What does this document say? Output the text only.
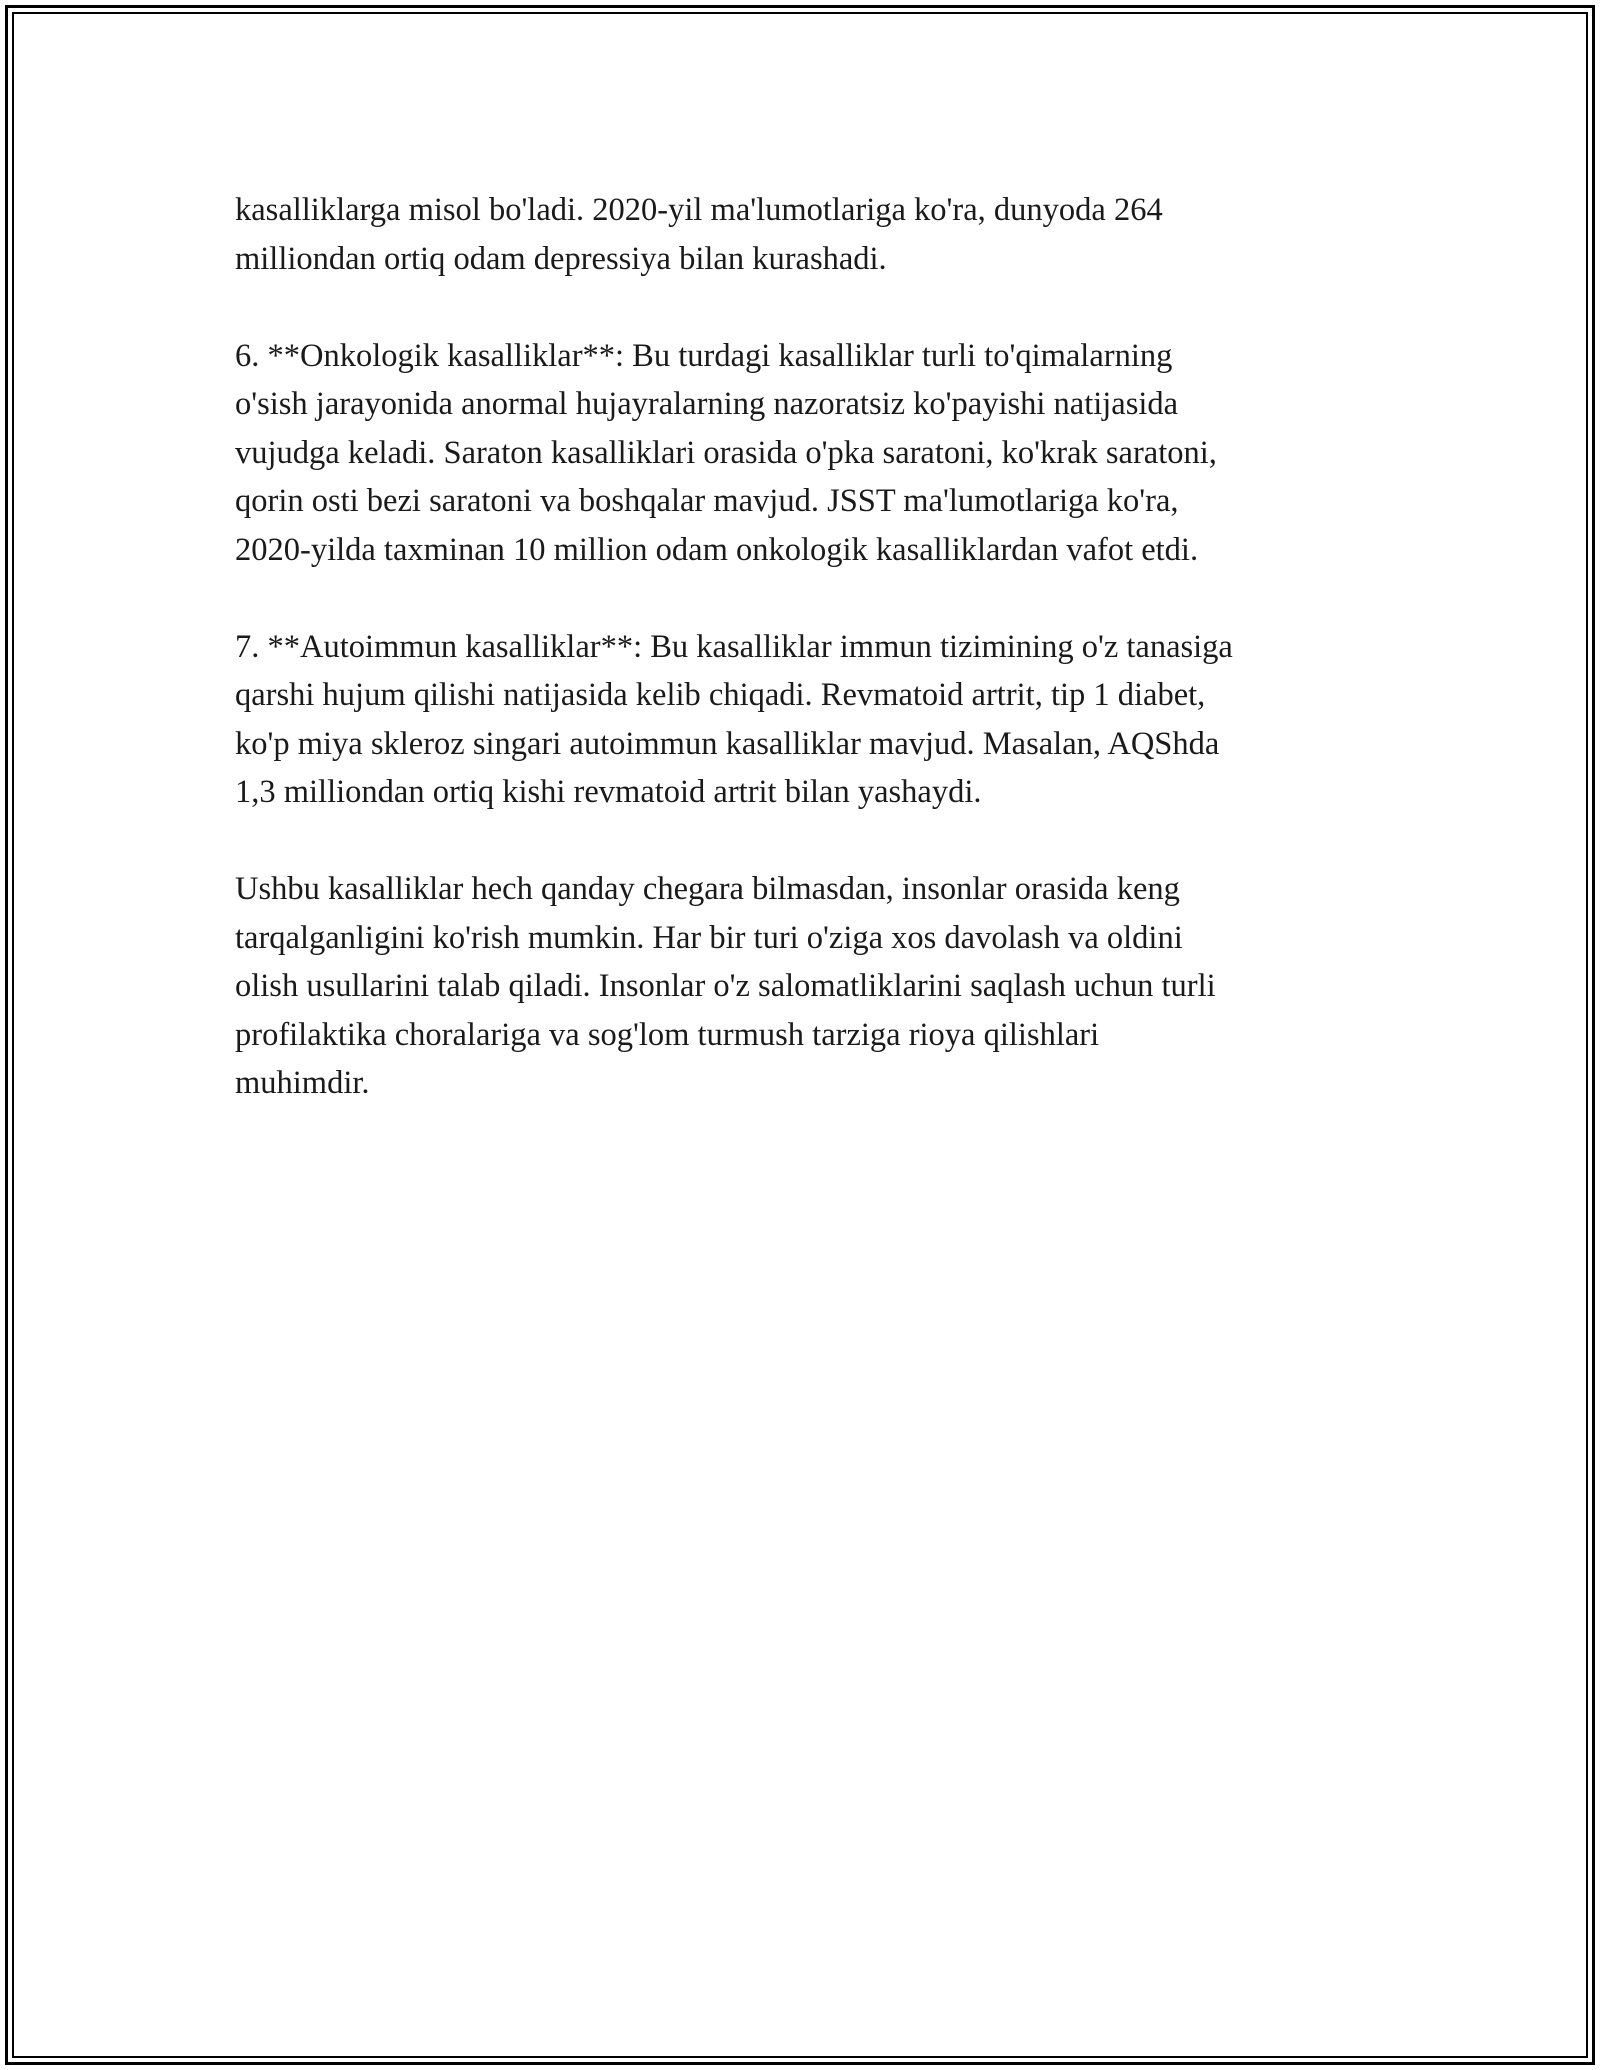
kasalliklarga misol bo'ladi. 2020-yil ma'lumotlariga ko'ra, dunyoda 264
milliondan ortiq odam depressiya bilan kurashadi.

6. **Onkologik kasalliklar**: Bu turdagi kasalliklar turli to'qimalarning
o'sish jarayonida anormal hujayralarning nazoratsiz ko'payishi natijasida
vujudga keladi. Saraton kasalliklari orasida o'pka saratoni, ko'krak saratoni,
qorin osti bezi saratoni va boshqalar mavjud. JSST ma'lumotlariga ko'ra,
2020-yilda taxminan 10 million odam onkologik kasalliklardan vafot etdi.

7. **Autoimmun kasalliklar**: Bu kasalliklar immun tizimining o'z tanasiga
qarshi hujum qilishi natijasida kelib chiqadi. Revmatoid artrit, tip 1 diabet,
ko'p miya skleroz singari autoimmun kasalliklar mavjud. Masalan, AQShda
1,3 milliondan ortiq kishi revmatoid artrit bilan yashaydi.

Ushbu kasalliklar hech qanday chegara bilmasdan, insonlar orasida keng
tarqalganligini ko'rish mumkin. Har bir turi o'ziga xos davolash va oldini
olish usullarini talab qiladi. Insonlar o'z salomatliklarini saqlash uchun turli
profilaktika choralariga va sog'lom turmush tarziga rioya qilishlari
muhimdir.
